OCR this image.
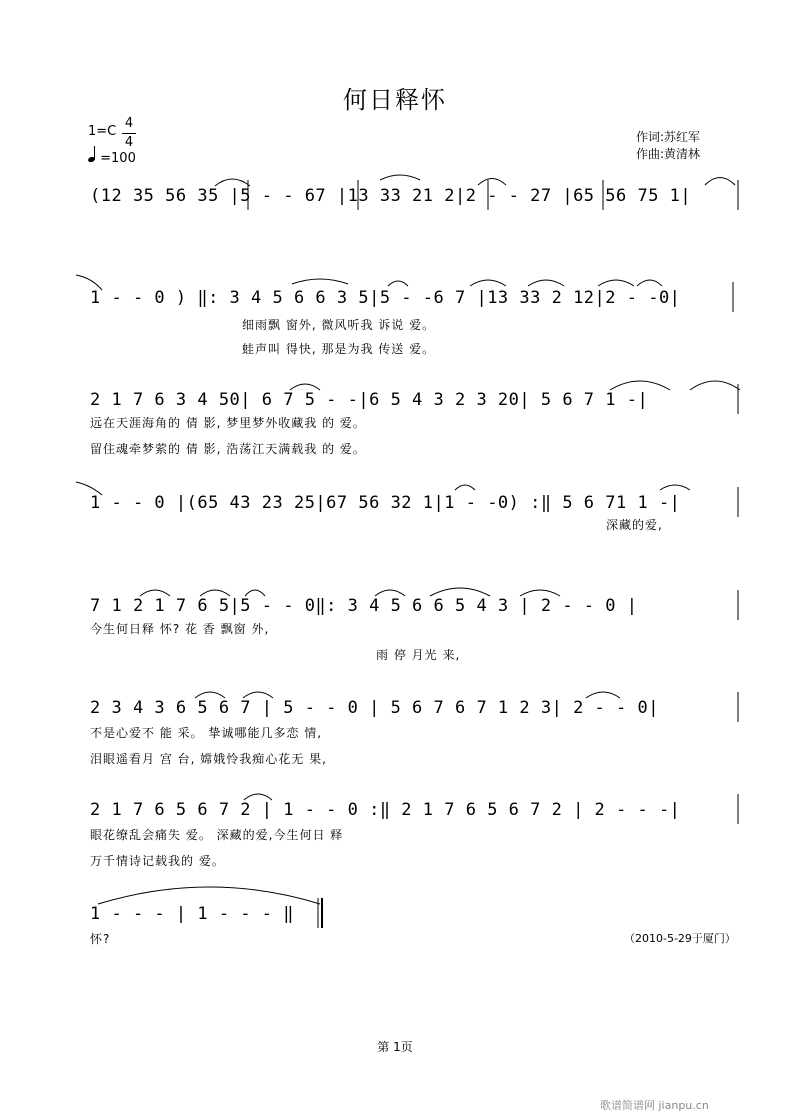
何日释怀
1=C
4
4
=100
作词:苏红军
作曲:黄清林
(12 35 56 35 |5 - - 67 |13 33 21 2|2 - - 27 |65 56 75 1|
1 - - 0 ) ‖: 3 4 5 6 6 3 5|5 - -6 7 |13 33 2 12|2 - -0|
细雨飘 窗外, 微风听我 诉说 爱。
蛙声叫 得快, 那是为我 传送 爱。
2 1 7 6 3 4 50| 6 7 5 - -|6 5 4 3 2 3 20| 5 6 7 1 -|
远在天涯海角的 倩 影, 梦里梦外收藏我 的 爱。
留住魂牵梦萦的 倩 影, 浩荡江天满载我 的 爱。
1 - - 0 |(65 43 23 25|67 56 32 1|1 - -0) :‖ 5 6 71 1 -|
深藏的爱,
7 1 2 1 7 6 5|5 - - 0‖: 3 4 5 6 6 5 4 3 | 2 - - 0 |
今生何日释 怀? 花 香 飘窗 外,
雨 停 月光 来,
2 3 4 3 6 5 6 7 | 5 - - 0 | 5 6 7 6 7 1 2 3| 2 - - 0|
不是心爱不 能 采。 挚诚哪能几多恋 情,
泪眼遥看月 宫 台, 嫦娥怜我痴心花无 果,
2 1 7 6 5 6 7 2 | 1 - - 0 :‖ 2 1 7 6 5 6 7 2 | 2 - - -|
眼花缭乱会痛失 爱。 深藏的爱,今生何日 释
万千情诗记载我的 爱。
1 - - - | 1 - - - ‖
怀?	（2010-5-29于厦门）
第 1页
歌谱简谱网 jianpu.cn
